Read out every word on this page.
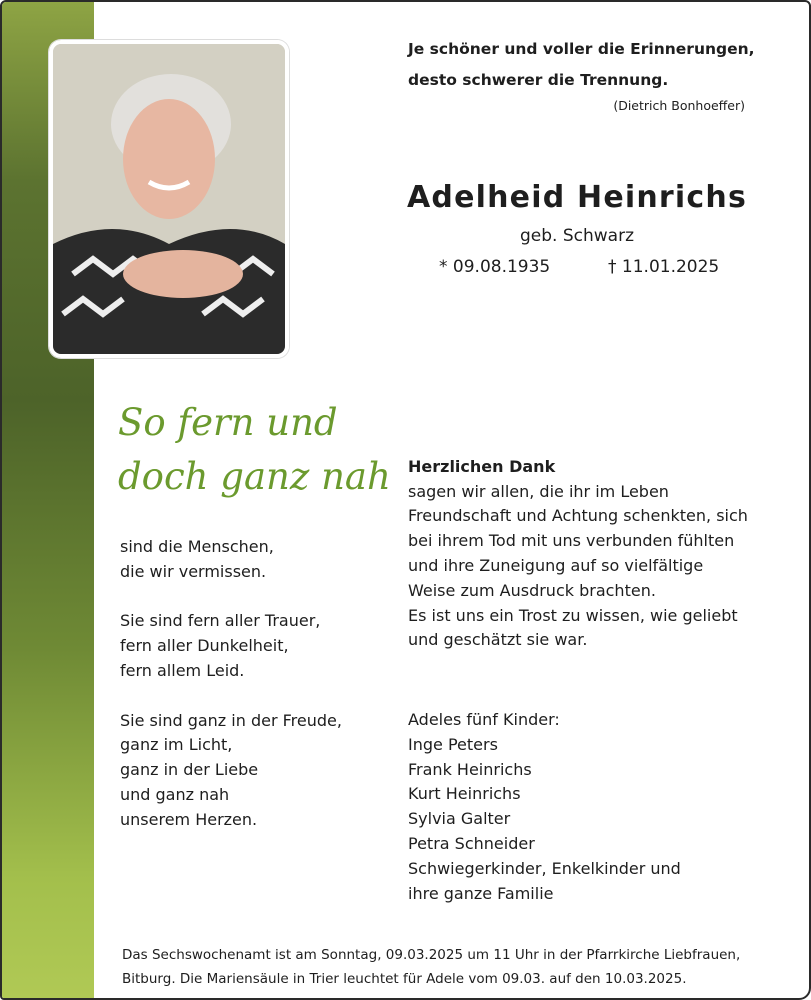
Je schöner und voller die Erinnerungen,
desto schwerer die Trennung.
(Dietrich Bonhoeffer)
Adelheid Heinrichs
geb. Schwarz
* 09.08.1935	† 11.01.2025
So fern und
doch ganz nah
sind die Menschen,
die wir vermissen.

Sie sind fern aller Trauer,
fern aller Dunkelheit,
fern allem Leid.

Sie sind ganz in der Freude,
ganz im Licht,
ganz in der Liebe
und ganz nah
unserem Herzen.

Herzlichen Dank

sagen wir allen, die ihr im Leben
Freundschaft und Achtung schenkten, sich
bei ihrem Tod mit uns verbunden fühlten
und ihre Zuneigung auf so vielfältige
Weise zum Ausdruck brachten.
Es ist uns ein Trost zu wissen, wie geliebt
und geschätzt sie war.

Adeles fünf Kinder:
Inge Peters
Frank Heinrichs
Kurt Heinrichs
Sylvia Galter
Petra Schneider
Schwiegerkinder, Enkelkinder und
ihre ganze Familie
Das Sechswochenamt ist am Sonntag, 09.03.2025 um 11 Uhr in der Pfarrkirche Liebfrauen,
Bitburg. Die Mariensäule in Trier leuchtet für Adele vom 09.03. auf den 10.03.2025.
